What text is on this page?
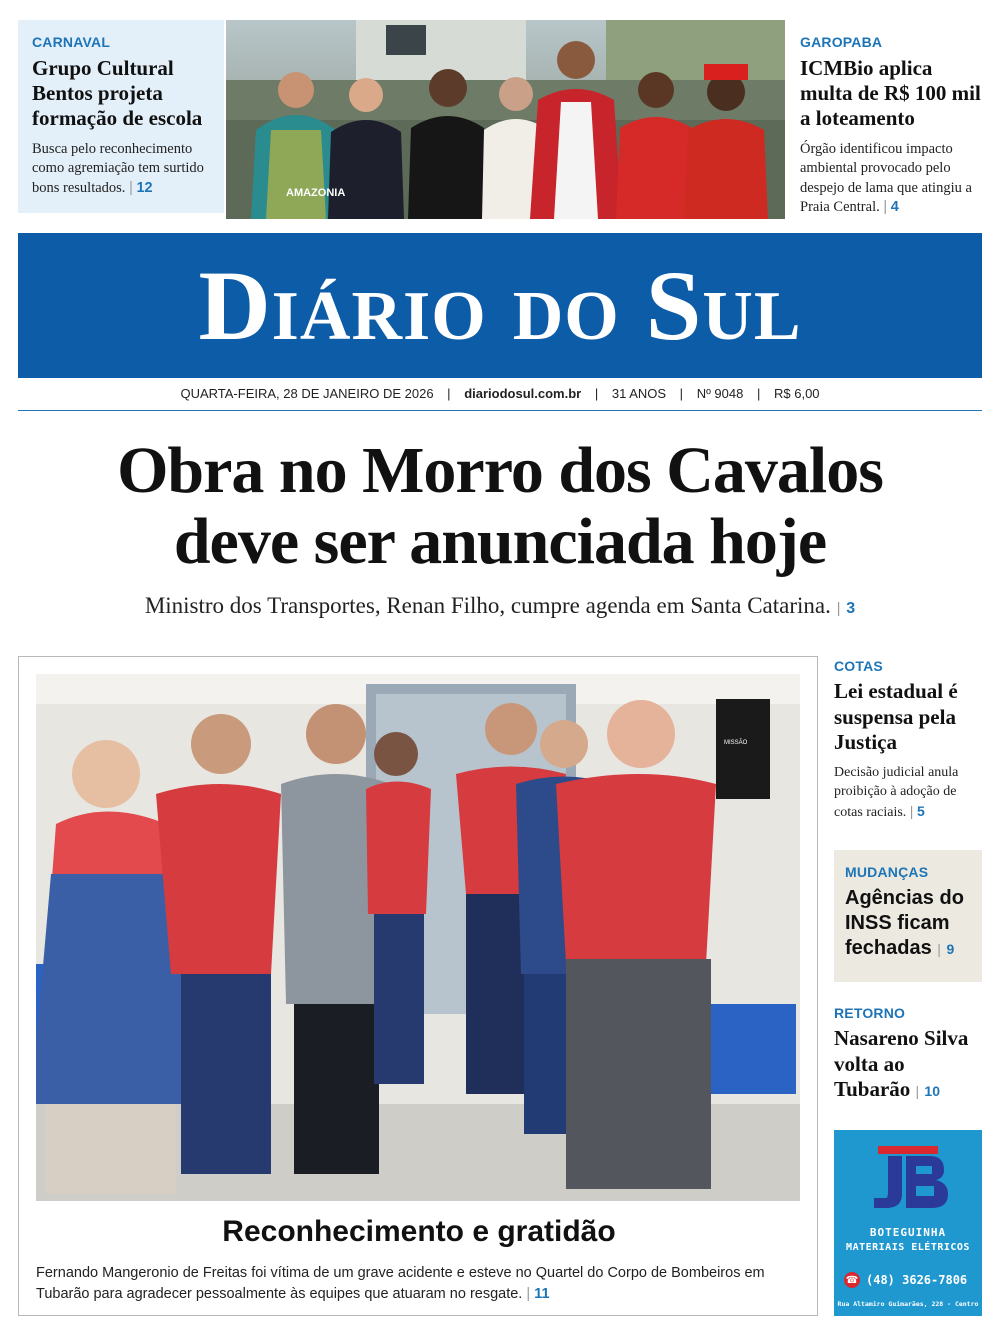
CARNAVAL
Grupo Cultural Bentos projeta formação de escola
Busca pelo reconhecimento como agremiação tem surtido bons resultados. | 12	AMAZONIA
GAROPABA
ICMBio aplica multa de R$ 100 mil a loteamento
Órgão identificou impacto ambiental provocado pelo despejo de lama que atingiu a Praia Central. | 4
Diário do Sul
QUARTA-FEIRA, 28 DE JANEIRO DE 2026 | diariodosul.com.br | 31 ANOS | Nº 9048 | R$ 6,00
Obra no Morro dos Cavalos
deve ser anunciada hoje
Ministro dos Transportes, Renan Filho, cumpre agenda em Santa Catarina. | 3
MISSÃO
Reconhecimento e gratidão
Fernando Mangeronio de Freitas foi vítima de um grave acidente e esteve no Quartel do Corpo de Bombeiros em Tubarão para agradecer pessoalmente às equipes que atuaram no resgate. | 11
COTAS
Lei estadual é suspensa pela Justiça
Decisão judicial anula proibição à adoção de cotas raciais. | 5
MUDANÇAS
Agências do INSS ficam fechadas | 9
RETORNO
Nasareno Silva volta ao Tubarão | 10
BOTEGUINHA
MATERIAIS ELÉTRICOS
☎ (48) 3626-7806
Rua Altamiro Guimarães, 228 - Centro
